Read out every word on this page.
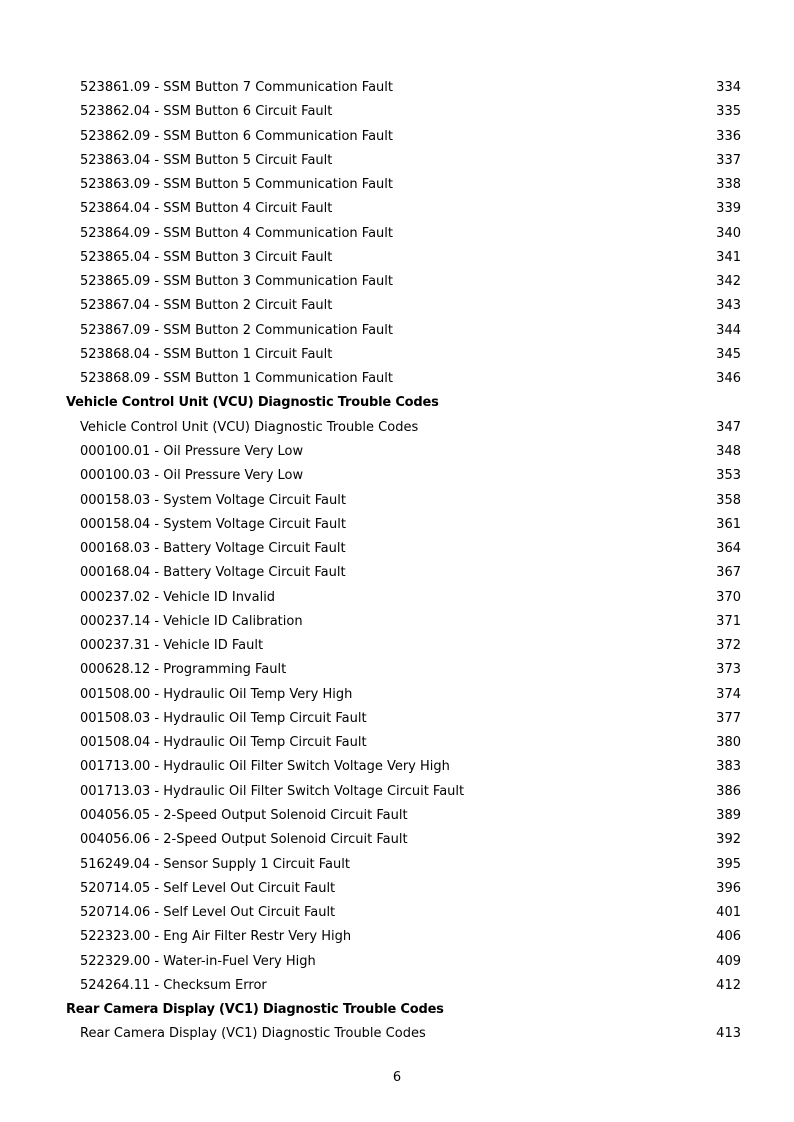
523861.09 - SSM Button 7 Communication Fault	334
523862.04 - SSM Button 6 Circuit Fault	335
523862.09 - SSM Button 6 Communication Fault	336
523863.04 - SSM Button 5 Circuit Fault	337
523863.09 - SSM Button 5 Communication Fault	338
523864.04 - SSM Button 4 Circuit Fault	339
523864.09 - SSM Button 4 Communication Fault	340
523865.04 - SSM Button 3 Circuit Fault	341
523865.09 - SSM Button 3 Communication Fault	342
523867.04 - SSM Button 2 Circuit Fault	343
523867.09 - SSM Button 2 Communication Fault	344
523868.04 - SSM Button 1 Circuit Fault	345
523868.09 - SSM Button 1 Communication Fault	346
Vehicle Control Unit (VCU) Diagnostic Trouble Codes
Vehicle Control Unit (VCU) Diagnostic Trouble Codes	347
000100.01 - Oil Pressure Very Low	348
000100.03 - Oil Pressure Very Low	353
000158.03 - System Voltage Circuit Fault	358
000158.04 - System Voltage Circuit Fault	361
000168.03 - Battery Voltage Circuit Fault	364
000168.04 - Battery Voltage Circuit Fault	367
000237.02 - Vehicle ID Invalid	370
000237.14 - Vehicle ID Calibration	371
000237.31 - Vehicle ID Fault	372
000628.12 - Programming Fault	373
001508.00 - Hydraulic Oil Temp Very High	374
001508.03 - Hydraulic Oil Temp Circuit Fault	377
001508.04 - Hydraulic Oil Temp Circuit Fault	380
001713.00 - Hydraulic Oil Filter Switch Voltage Very High	383
001713.03 - Hydraulic Oil Filter Switch Voltage Circuit Fault	386
004056.05 - 2-Speed Output Solenoid Circuit Fault	389
004056.06 - 2-Speed Output Solenoid Circuit Fault	392
516249.04 - Sensor Supply 1 Circuit Fault	395
520714.05 - Self Level Out Circuit Fault	396
520714.06 - Self Level Out Circuit Fault	401
522323.00 - Eng Air Filter Restr Very High	406
522329.00 - Water-in-Fuel Very High	409
524264.11 - Checksum Error	412
Rear Camera Display (VC1) Diagnostic Trouble Codes
Rear Camera Display (VC1) Diagnostic Trouble Codes	413
6
